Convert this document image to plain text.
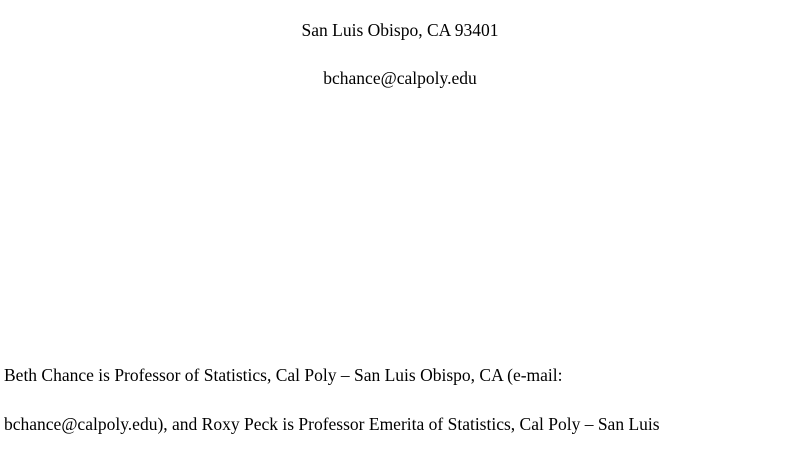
San Luis Obispo, CA 93401
bchance@calpoly.edu
Beth Chance is Professor of Statistics, Cal Poly – San Luis Obispo, CA (e-mail:
bchance@calpoly.edu), and Roxy Peck is Professor Emerita of Statistics, Cal Poly – San Luis
